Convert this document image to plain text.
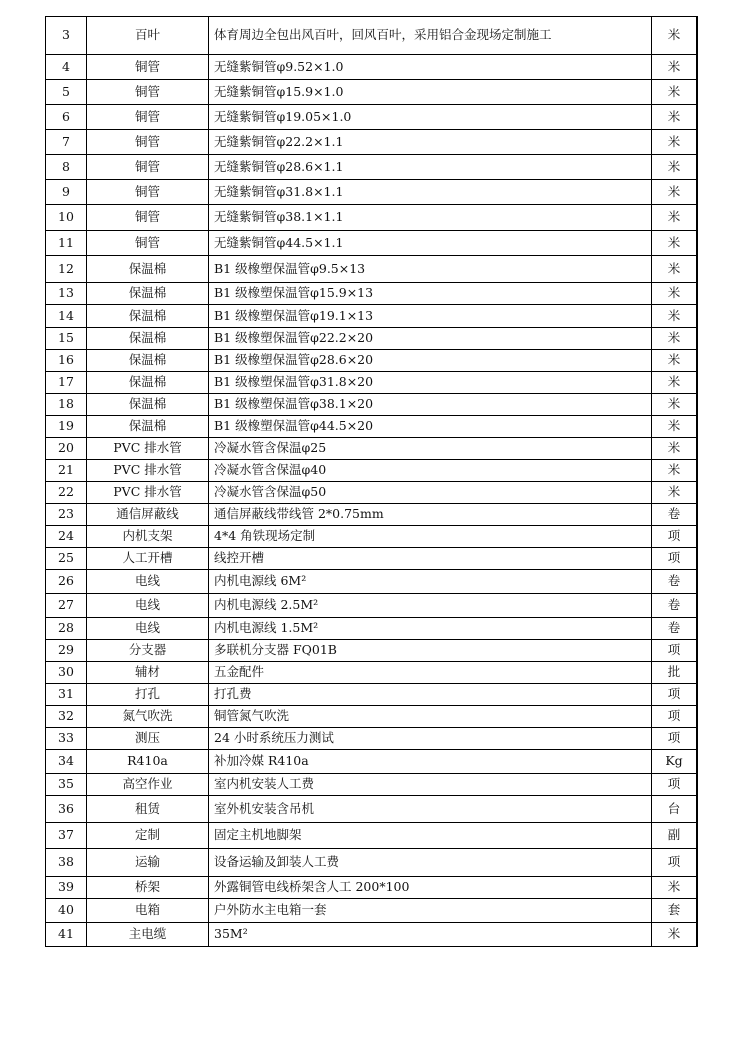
3	百叶	体育周边全包出风百叶，回风百叶，采用铝合金现场定制施工	米	
4	铜管	无缝紫铜管φ9.52×1.0	米	
5	铜管	无缝紫铜管φ15.9×1.0	米	
6	铜管	无缝紫铜管φ19.05×1.0	米	
7	铜管	无缝紫铜管φ22.2×1.1	米	
8	铜管	无缝紫铜管φ28.6×1.1	米	
9	铜管	无缝紫铜管φ31.8×1.1	米	
10	铜管	无缝紫铜管φ38.1×1.1	米	
11	铜管	无缝紫铜管φ44.5×1.1	米	
12	保温棉	B1 级橡塑保温管φ9.5×13	米	
13	保温棉	B1 级橡塑保温管φ15.9×13	米	
14	保温棉	B1 级橡塑保温管φ19.1×13	米	
15	保温棉	B1 级橡塑保温管φ22.2×20	米	
16	保温棉	B1 级橡塑保温管φ28.6×20	米	
17	保温棉	B1 级橡塑保温管φ31.8×20	米	
18	保温棉	B1 级橡塑保温管φ38.1×20	米	
19	保温棉	B1 级橡塑保温管φ44.5×20	米	
20	PVC 排水管	冷凝水管含保温φ25	米	
21	PVC 排水管	冷凝水管含保温φ40	米	
22	PVC 排水管	冷凝水管含保温φ50	米	
23	通信屏蔽线	通信屏蔽线带线管 2*0.75mm	卷	
24	内机支架	4*4 角铁现场定制	项	
25	人工开槽	线控开槽	项	
26	电线	内机电源线 6M²	卷	
27	电线	内机电源线 2.5M²	卷	
28	电线	内机电源线 1.5M²	卷	
29	分支器	多联机分支器 FQ01B	项	
30	辅材	五金配件	批	
31	打孔	打孔费	项	
32	氮气吹洗	铜管氮气吹洗	项	
33	测压	24 小时系统压力测试	项	
34	R410a	补加冷媒 R410a	Kg	
35	高空作业	室内机安装人工费	项	
36	租赁	室外机安装含吊机	台	
37	定制	固定主机地脚架	副	
38	运输	设备运输及卸装人工费	项	
39	桥架	外露铜管电线桥架含人工 200*100	米	
40	电箱	户外防水主电箱一套	套	
41	主电缆	35M²	米	
